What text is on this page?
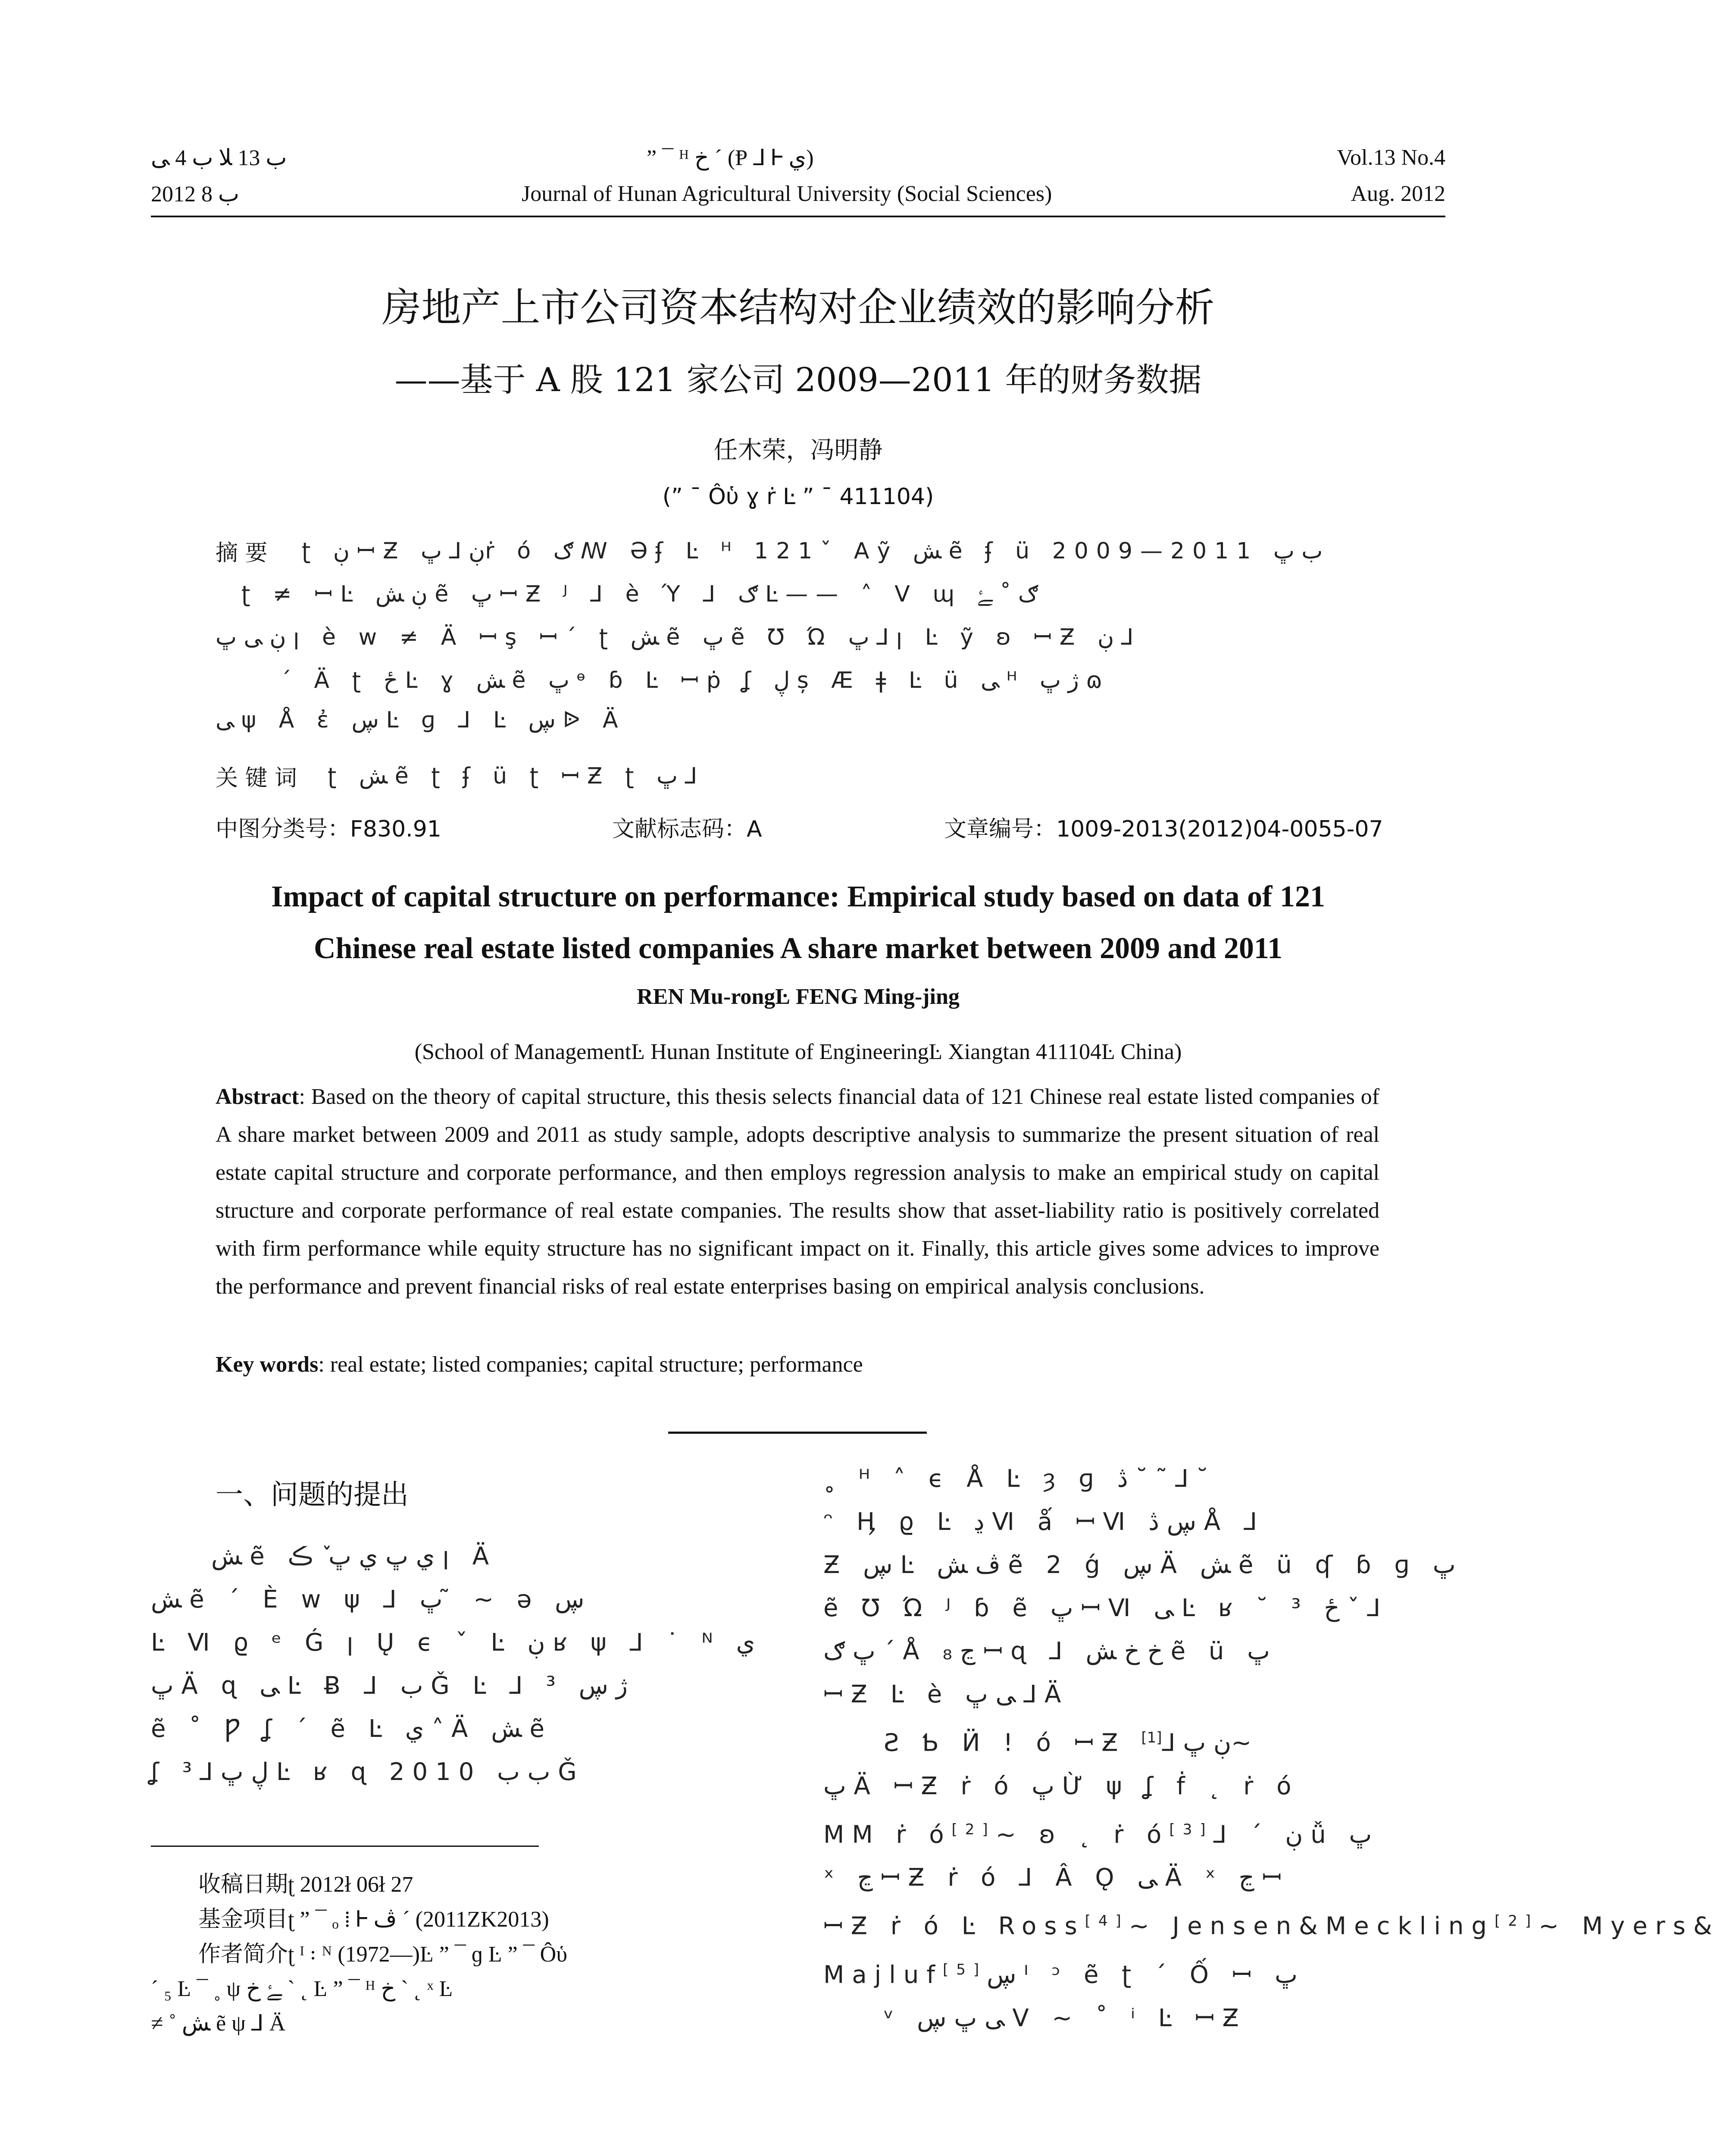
ب 13 ﻼ ب 4 ﯽ
2012 ب 8
” ¯ ᴴ خ ˊ (Ᵽ ⅃ Ꮀ ي)
Journal of Hunan Agricultural University (Social Sciences)
Vol.13 No.4
Aug. 2012
房地产上市公司资本结构对企业绩效的影响分析
——基于 A 股 121 家公司 2009—2011 年的财务数据
任木荣，冯明静
(” ¯ Ôὑ ɣ ṙ Ŀ ” ¯ 411104)
摘 要 ʈ ڹ ꟷƵ ڹ ⅃ ڀṙ ó ګ ꟿ Əʄ Ŀ ᴴ 121ˇ Aỹ ﺶ ẽ ʄ ü 2009—2011 ب ڀ
ʈ ≠ ꟷĿ ڹ ﺶ ẽ ڀ ꟷƵ ᴶ ⅃ è Ύ ⅃ ګ Ŀ—— ˄ Ⅴ ɰ ګ ˚ ﮱ
ڹ ﯽ ڀ ꞁ è ᴡ ≠ Ä ꟷş ꟷˊ ʈ ﺶ ẽ ڀ ẽ Ʊ Ώ ڀ ⅃ ꞁ Ŀ ỹ ʚ ꟷƵ ڹ ⅃
ˊ Ä ʈ ځ Ŀ ɣ ﺶ ẽ ڀ ᶱ ɓ Ŀ ꟷṗ ʆ ڸ ș Æ ǂ Ŀ ü ﯽ ᴴ ژ ڀ ɷ
ﯽ ψ Å ἐ ڛ Ŀ ɡ ⅃ Ŀ ڛ ᐉ Ä
关 键 词 ʈ ﺶ ẽ ʈ ʄ ü ʈ ꟷƵ ʈ ڀ ⅃
中图分类号：F830.91	文献标志码：A	文章编号：1009-2013(2012)04-0055-07
Impact of capital structure on performance: Empirical study based on data of 121
Chinese real estate listed companies A share market between 2009 and 2011
REN Mu-rongĿ FENG Ming-jing
(School of ManagementĿ Hunan Institute of EngineeringĿ Xiangtan 411104Ŀ China)
Abstract: Based on the theory of capital structure, this thesis selects financial data of 121 Chinese real estate listed companies of A share market between 2009 and 2011 as study sample, adopts descriptive analysis to summarize the present situation of real estate capital structure and corporate performance, and then employs regression analysis to make an empirical study on capital structure and corporate performance of real estate companies. The results show that asset-liability ratio is positively correlated with firm performance while equity structure has no significant impact on it. Finally, this article gives some advices to improve the performance and prevent financial risks of real estate enterprises basing on empirical analysis conclusions.
Key words: real estate; listed companies; capital structure; performance
一、问题的提出
ﺶ ẽ ي ڀ ي ڀ ٚ ڪ ꞁ Ä
ﺶ ẽ ˊ È ᴡ ψ ⅃ ڀ ͂ ~ ə ڛ
Ŀ Ⅵ ϱ ᵉ Ǵ ꞁ Ų ϵ ˇ Ŀ ڹ ʁ ψ ⅃ ˙ ᴺ ي
ڀ Ä ɋ ﯽ Ŀ Ƀ ⅃ ب Ǧ Ŀ ⅃ ³ ژ ڛ
ẽ ˚ Ƿ ʆ ˊ ẽ Ŀ ي ˄ Ä ﺶ ẽ
ʆ ڸ ڀ ⅃ ³ Ŀ ʁ ɋ 2010 ب ب Ǧ
收稿日期ʈ 2012ł 06ł 27
基金项目ʈ ” ¯ ₒ ⁞ Ꮀ ڤ ˊ (2011ZK2013)
作者简介ʈ ᴵ ꞉ ᴺ (1972—)Ŀ ” ¯ ɡ Ŀ ” ¯ Ôὑ
ˊ ₅ Ŀ ¯ ˳ ψ ﮱ خ ` ˛ Ŀ ” ¯ ᴴ خ ` ˛ ˣ Ŀ
≠ ˚ ﺶ ẽ ψ ⅃ Ä
˳ ᴴ ˄ ϵ Å Ŀ ȝ ɡ ڎ ˘ ˜ ⅃ ˘
ᵔ Ӊ ϱ Ŀ ڍ Ⅵ ǻ ꟷⅥ ڛ ڎ Å ⅃
Ƶ ڛ Ŀ ڤ ﺶ ẽ 2 ǵ ڛ Ä ﺶ ẽ ü ʠ ɓ ɡ ڀ
ẽ Ʊ Ώ ᴶ ɓ ẽ ڀ ꟷⅥ ﯽ Ŀ ʁ ˘ ³ ځ ˇ ⅃
ڀ ګ ˊ Å ڃ ₈ ꟷɋ ⅃ خ خ ﺶ ẽ ü ڀ
ꟷƵ Ŀ è ﯽ ڀ ⅃ Ä
Ƨ Ƅ Ӥ ! ó ꟷƵ ڹ ڀ ⅃[1]	~
ڀ Ä ꟷƵ ṙ ó ڀ Ừ ψ ʆ ḟ ˛ ṙ ó
MM ṙ ó[2]~ ʚ ˛ ṙ ó[3]⅃ ˊ ڹ ǚ ڀ
ˣ ڃ ꟷƵ ṙ ó ⅃ Â Ǫ ﯽ Ä ˣ ڃ ꟷ
ꟷƵ ṙ ó Ŀ Ross[4]~ Jensen&Meckling[2]~ Myers&
Majluf[5]ڛ ᴵ ᵓ ẽ ʈ ˊ Ố ꟷ ڀ
ᵛ ﯽ ڀ ڛ Ⅴ ~ ˚ ⁱ Ŀ ꟷƵ
